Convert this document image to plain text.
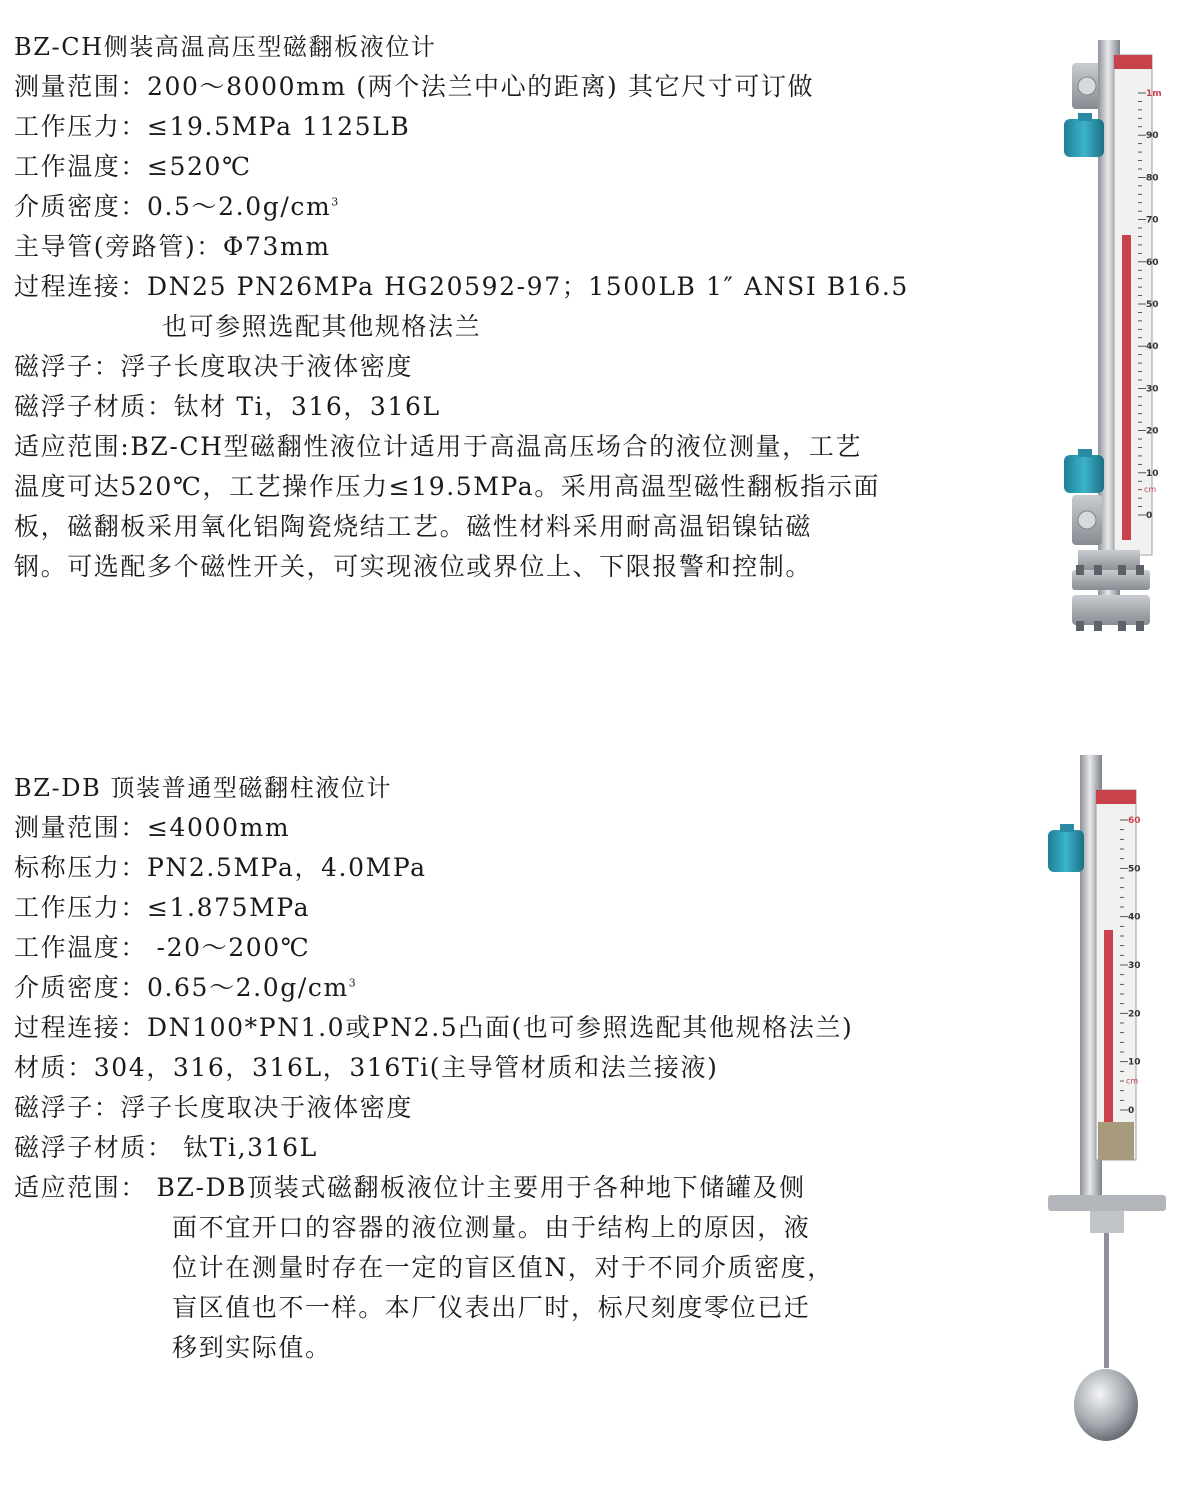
BZ-CH侧装高温高压型磁翻板液位计
测量范围：200～8000mm (两个法兰中心的距离) 其它尺寸可订做
工作压力：≤19.5MPa 1125LB
工作温度：≤520℃
介质密度：$0.5\sim 2.0g/cm^3$
主导管(旁路管)：Φ73mm
过程连接：DN25 PN26MPa HG20592-97；1500LB 1″ ANSI B16.5
也可参照选配其他规格法兰
磁浮子：浮子长度取决于液体密度
磁浮子材质：钛材 Ti，316，316L
适应范围:BZ-CH型磁翻性液位计适用于高温高压场合的液位测量，工艺
温度可达520℃，工艺操作压力≤19.5MPa。采用高温型磁性翻板指示面
板，磁翻板采用氧化铝陶瓷烧结工艺。磁性材料采用耐高温铝镍钴磁
钢。可选配多个磁性开关，可实现液位或界位上、下限报警和控制。
BZ-DB 顶装普通型磁翻柱液位计
测量范围：≤4000mm
标称压力：PN2.5MPa，4.0MPa
工作压力：≤1.875MPa
工作温度： -20～200℃
介质密度：$0.65\sim 2.0g/cm^3$
过程连接：DN100*PN1.0或PN2.5凸面(也可参照选配其他规格法兰)
材质：304，316，316L，316Ti(主导管材质和法兰接液)
磁浮子：浮子长度取决于液体密度
磁浮子材质： 钛Ti,316L
适应范围： BZ-DB顶装式磁翻板液位计主要用于各种地下储罐及侧
面不宜开口的容器的液位测量。由于结构上的原因，液
位计在测量时存在一定的盲区值N，对于不同介质密度，
盲区值也不一样。本厂仪表出厂时，标尺刻度零位已迁
移到实际值。
1m
90
80
70
60
50
40
30
20
10
0
cm
60
50
40
30
20
10
0
cm
